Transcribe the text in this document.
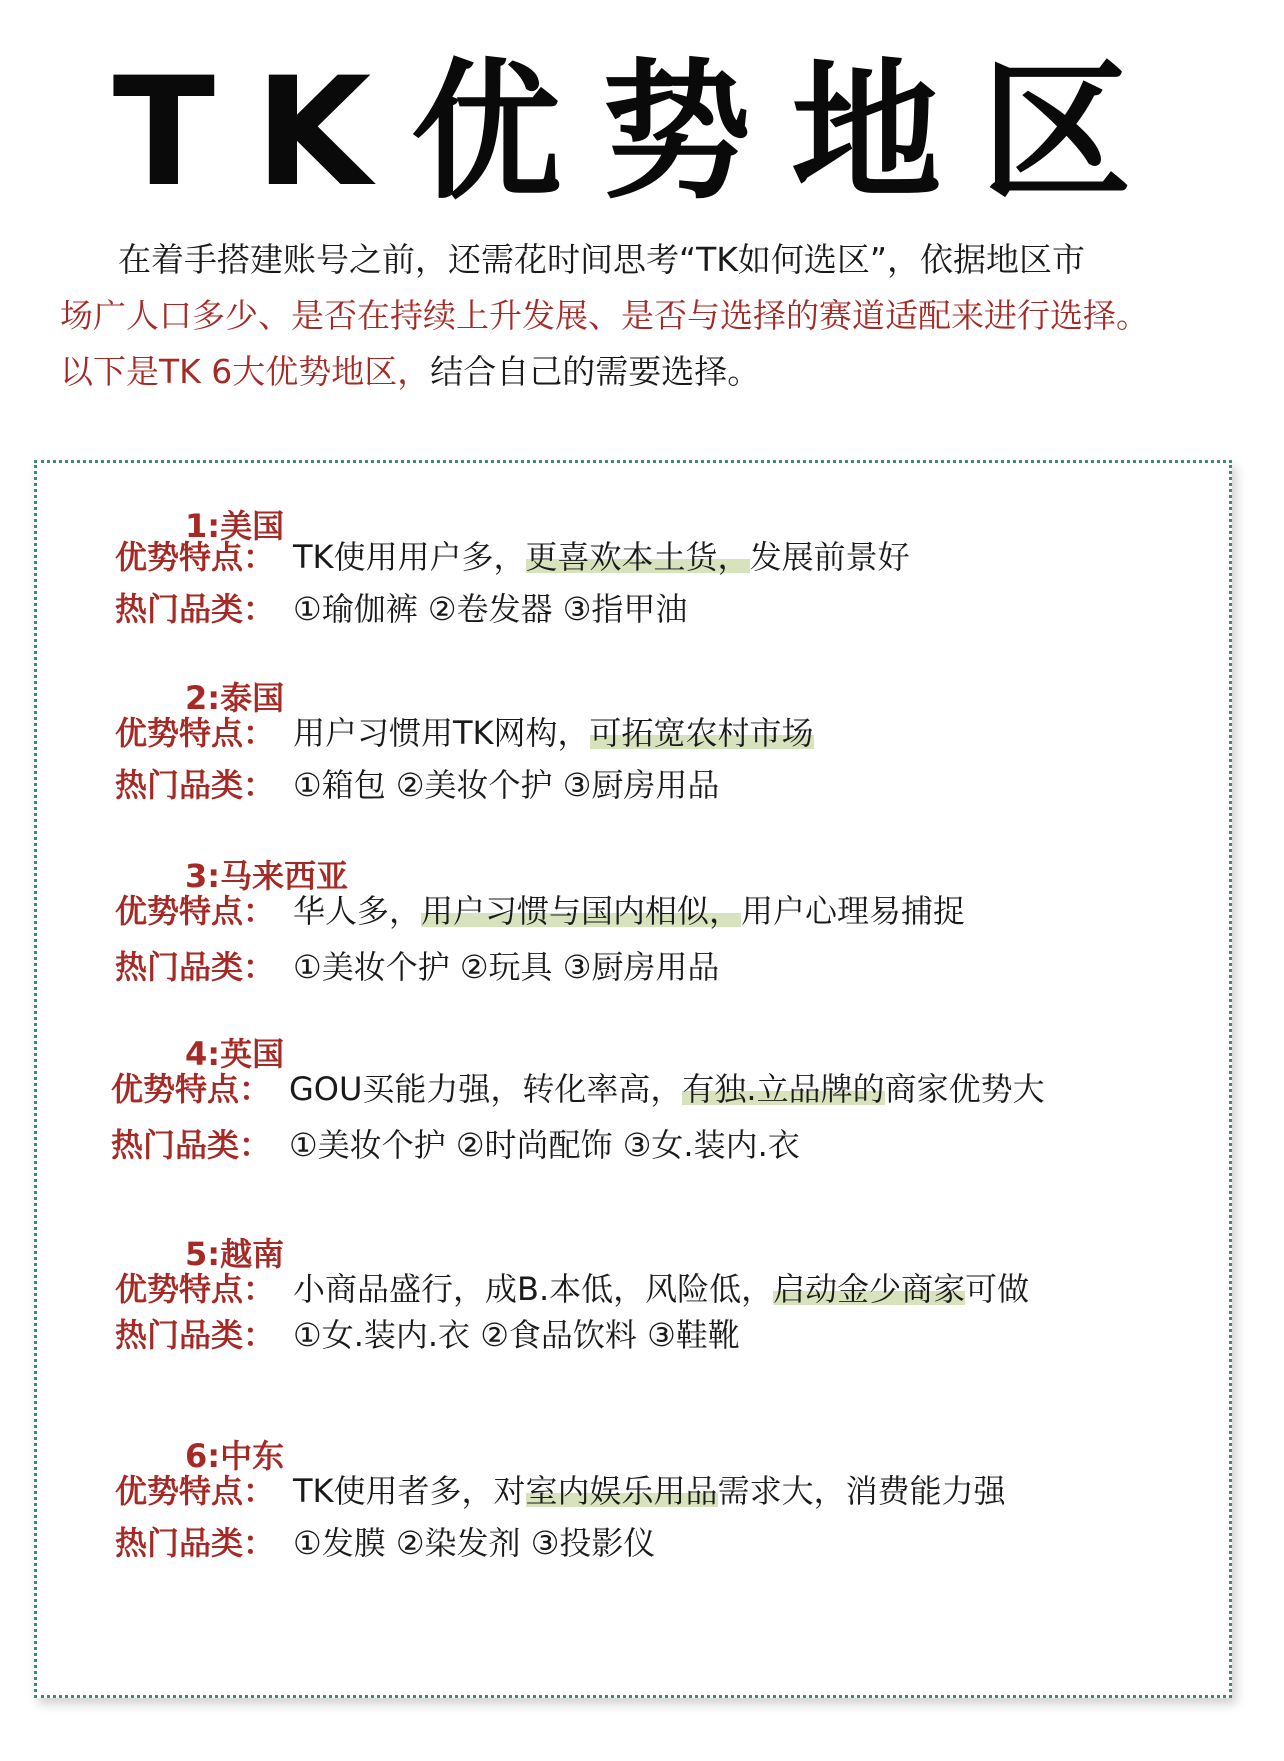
TK优势地区
在着手搭建账号之前，还需花时间思考“TK如何选区”，依据地区市
场广人口多少、是否在持续上升发展、是否与选择的赛道适配来进行选择。
以下是TK 6大优势地区，结合自己的需要选择。
1:美国
优势特点： TK使用用户多，更喜欢本土货，发展前景好
热门品类： ①瑜伽裤 ②卷发器 ③指甲油
2:泰国
优势特点： 用户习惯用TK网构，可拓宽农村市场
热门品类： ①箱包 ②美妆个护 ③厨房用品
3:马来西亚
优势特点： 华人多，用户习惯与国内相似，用户心理易捕捉
热门品类： ①美妆个护 ②玩具 ③厨房用品
4:英国
优势特点： GOU买能力强，转化率高，有独.立品牌的商家优势大
热门品类： ①美妆个护 ②时尚配饰 ③女.装内.衣
5:越南
优势特点： 小商品盛行，成B.本低，风险低，启动金少商家可做
热门品类： ①女.装内.衣 ②食品饮料 ③鞋靴
6:中东
优势特点： TK使用者多，对室内娱乐用品需求大，消费能力强
热门品类： ①发膜 ②染发剂 ③投影仪
